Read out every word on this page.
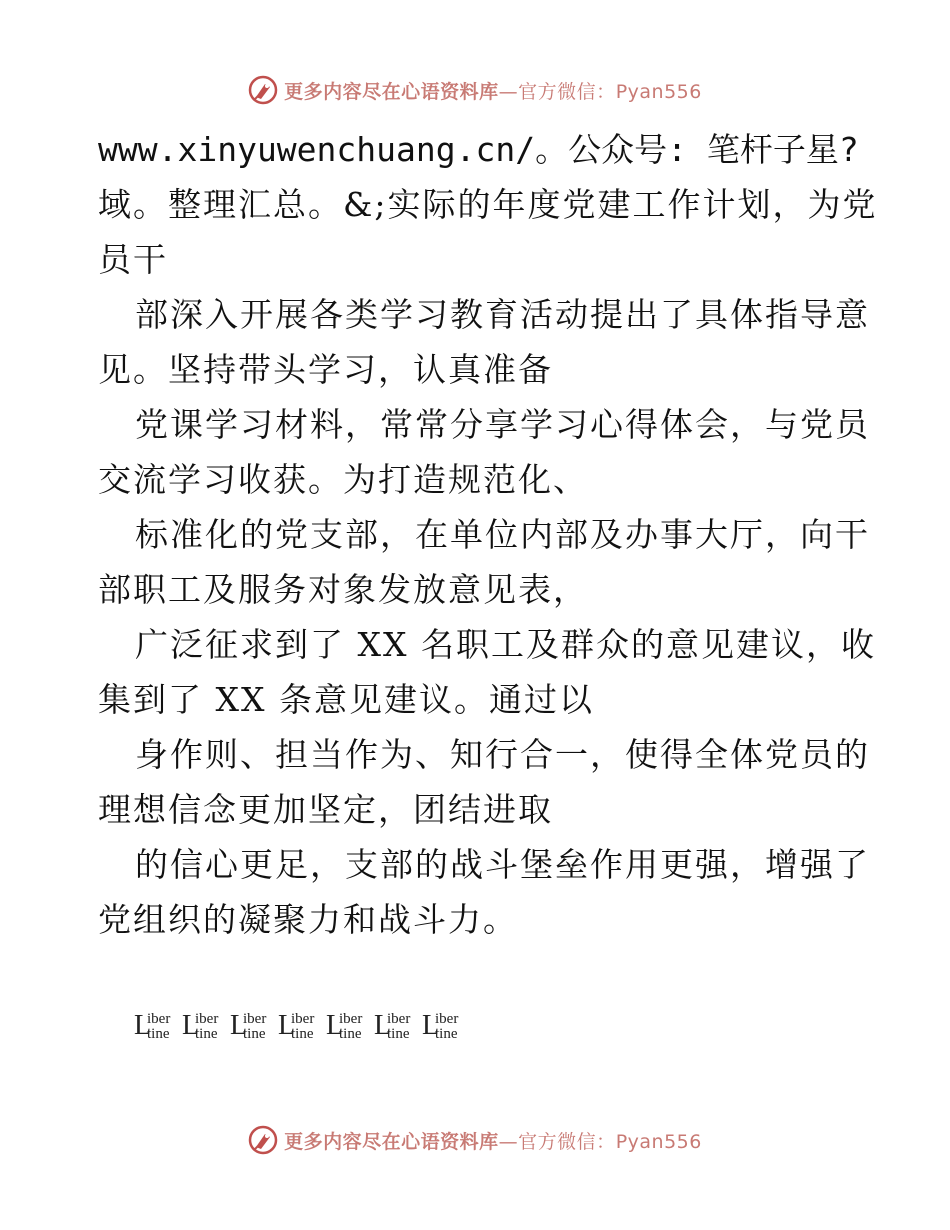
更多内容尽在心语资料库—官方微信：Pyan556
www.xinyuwenchuang.cn/。公众号: 笔杆子星?
域。整理汇总。&;实际的年度党建工作计划，为党
员干
部深入开展各类学习教育活动提出了具体指导意
见。坚持带头学习，认真准备
党课学习材料，常常分享学习心得体会，与党员
交流学习收获。为打造规范化、
标准化的党支部，在单位内部及办事大厅，向干
部职工及服务对象发放意见表，
广泛征求到了 XX 名职工及群众的意见建议，收
集到了 XX 条意见建议。通过以
身作则、担当作为、知行合一，使得全体党员的
理想信念更加坚定，团结进取
的信心更足，支部的战斗堡垒作用更强，增强了
党组织的凝聚力和战斗力。
L
iber
tine L
iber
tine L
iber
tine L
iber
tine L
iber
tine L
iber
tine L
iber
tine
更多内容尽在心语资料库—官方微信：Pyan556
